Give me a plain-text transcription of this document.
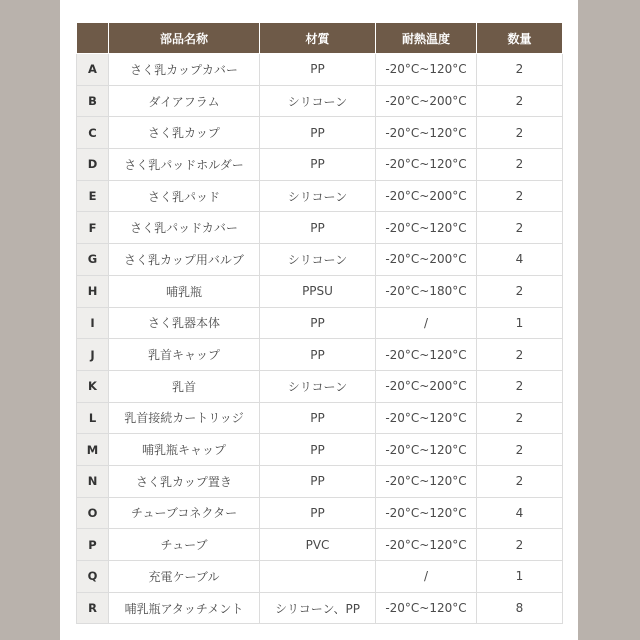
	部品名称	材質	耐熱温度	数量
A	さく乳カップカバー	PP	-20°C~120°C	2
B	ダイアフラム	シリコーン	-20°C~200°C	2
C	さく乳カップ	PP	-20°C~120°C	2
D	さく乳パッドホルダー	PP	-20°C~120°C	2
E	さく乳パッド	シリコーン	-20°C~200°C	2
F	さく乳パッドカバー	PP	-20°C~120°C	2
G	さく乳カップ用バルブ	シリコーン	-20°C~200°C	4
H	哺乳瓶	PPSU	-20°C~180°C	2
I	さく乳器本体	PP	/	1
J	乳首キャップ	PP	-20°C~120°C	2
K	乳首	シリコーン	-20°C~200°C	2
L	乳首接続カートリッジ	PP	-20°C~120°C	2
M	哺乳瓶キャップ	PP	-20°C~120°C	2
N	さく乳カップ置き	PP	-20°C~120°C	2
O	チューブコネクター	PP	-20°C~120°C	4
P	チューブ	PVC	-20°C~120°C	2
Q	充電ケーブル		/	1
R	哺乳瓶アタッチメント	シリコーン、PP	-20°C~120°C	8
